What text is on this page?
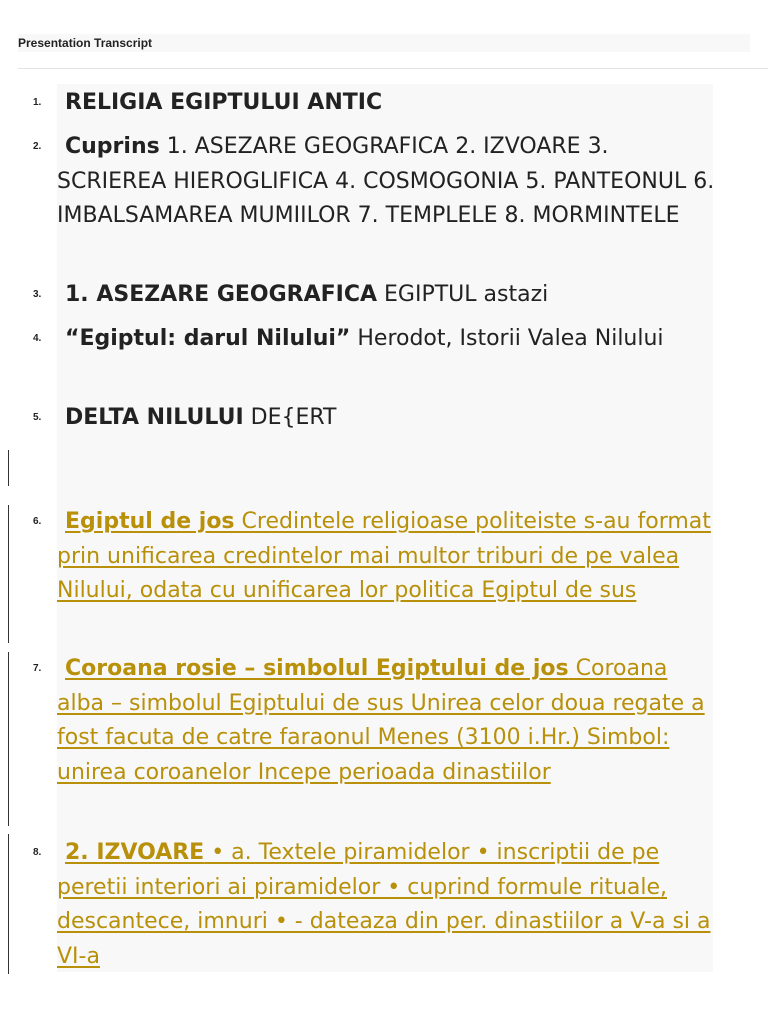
Presentation Transcript
1. RELIGIA EGIPTULUI ANTIC
2. Cuprins 1. ASEZARE GEOGRAFICA 2. IZVOARE 3. SCRIEREA HIEROGLIFICA 4. COSMOGONIA 5. PANTEONUL 6. IMBALSAMAREA MUMIILOR 7. TEMPLELE 8. MORMINTELE
3. 1. ASEZARE GEOGRAFICA EGIPTUL astazi
4. “Egiptul: darul Nilului” Herodot, Istorii Valea Nilului
5. DELTA NILULUI DE{ERT
6. Egiptul de jos Credintele religioase politeiste s-au format prin unificarea credintelor mai multor triburi de pe valea Nilului, odata cu unificarea lor politica Egiptul de sus
7. Coroana rosie – simbolul Egiptului de jos Coroana alba – simbolul Egiptului de sus Unirea celor doua regate a fost facuta de catre faraonul Menes (3100 i.Hr.) Simbol: unirea coroanelor Incepe perioada dinastiilor
8. 2. IZVOARE • a. Textele piramidelor • inscriptii de pe peretii interiori ai piramidelor • cuprind formule rituale, descantece, imnuri • - dateaza din per. dinastiilor a V-a si a VI-a
